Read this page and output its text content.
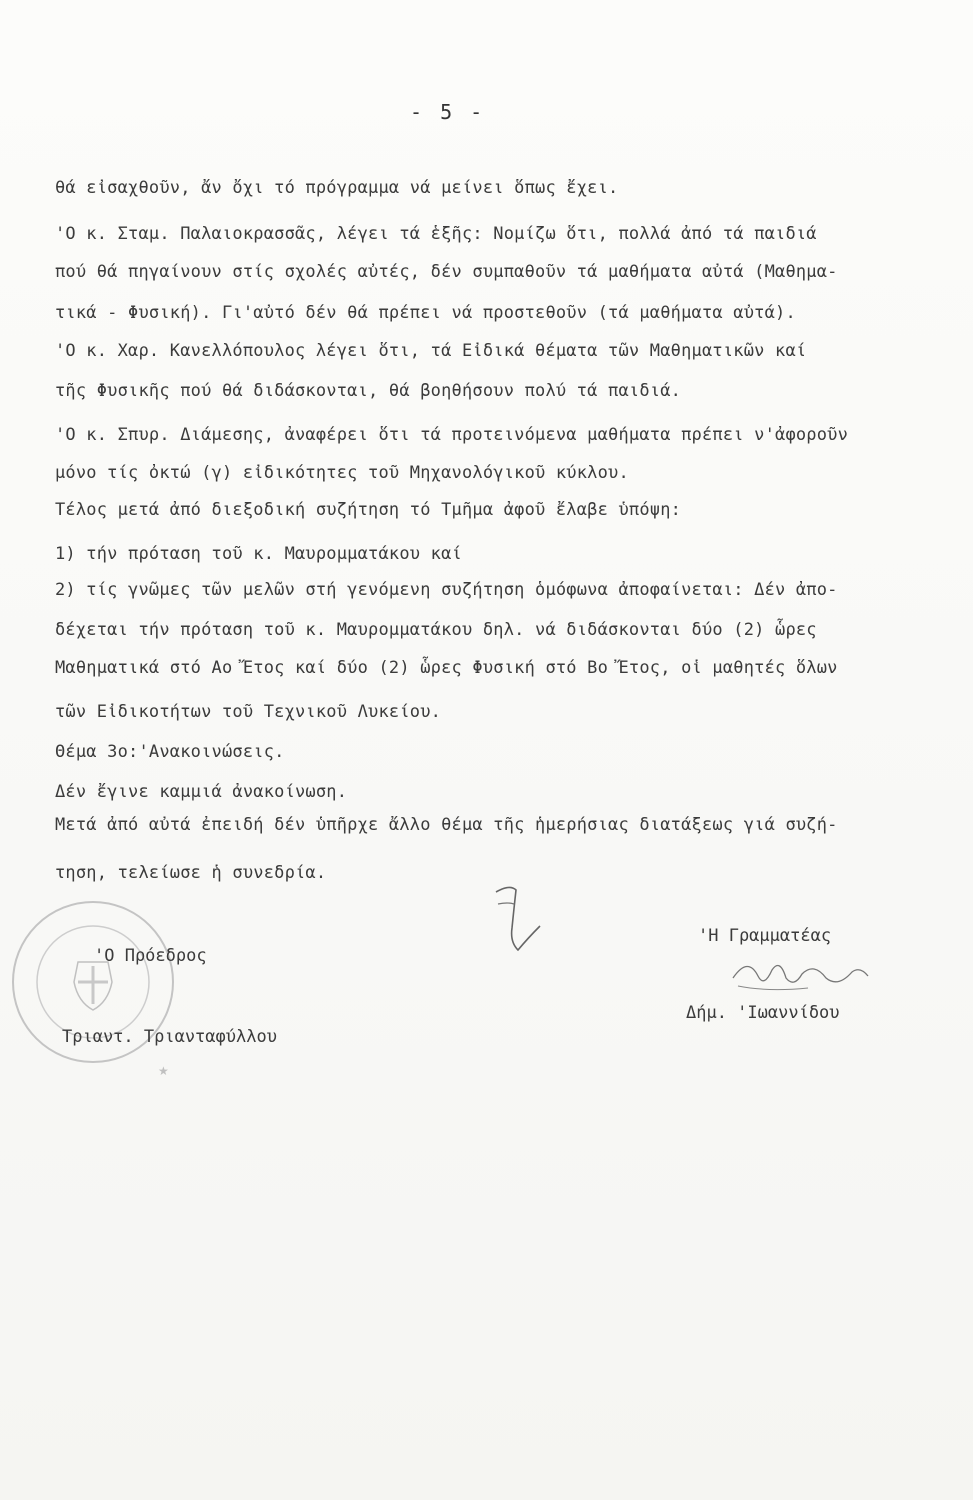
- 5 -
θά εἰσαχθοῦν, ἄν ὄχι τό πρόγραμμα νά μείνει ὅπως ἔχει.
'Ο κ. Σταμ. Παλαιοκρασσᾶς, λέγει τά ἑξῆς: Νομίζω ὅτι, πολλά ἀπό τά παιδιά
πού θά πηγαίνουν στίς σχολές αὐτές, δέν συμπαθοῦν τά μαθήματα αὐτά (Μαθημα-
τικά - Φυσική). Γι'αὐτό δέν θά πρέπει νά προστεθοῦν (τά μαθήματα αὐτά).
'Ο κ. Χαρ. Κανελλόπουλος λέγει ὅτι, τά Εἰδικά θέματα τῶν Μαθηματικῶν καί
τῆς Φυσικῆς πού θά διδάσκονται, θά βοηθήσουν πολύ τά παιδιά.
'Ο κ. Σπυρ. Διάμεσης, ἀναφέρει ὅτι τά προτεινόμενα μαθήματα πρέπει ν'ἀφοροῦν
μόνο τίς ὀκτώ (γ) εἰδικότητες τοῦ Μηχανολόγικοῦ κύκλου.
Τέλος μετά ἀπό διεξοδική συζήτηση τό Τμῆμα ἀφοῦ ἔλαβε ὑπόψη:
1) τήν πρόταση τοῦ κ. Μαυρομματάκου καί
2) τίς γνῶμες τῶν μελῶν στή γενόμενη συζήτηση ὁμόφωνα ἀποφαίνεται: Δέν ἀπο-
δέχεται τήν πρόταση τοῦ κ. Μαυρομματάκου δηλ. νά διδάσκονται δύο (2) ὧρες
Μαθηματικά στό Αο Ἔτος καί δύο (2) ὧρες Φυσική στό Βο Ἔτος, οἱ μαθητές ὅλων
τῶν Εἰδικοτήτων τοῦ Τεχνικοῦ Λυκείου.
Θέμα 3ο:'Ανακοινώσεις.
Δέν ἔγινε καμμιά ἀνακοίνωση.
Μετά ἀπό αὐτά ἐπειδή δέν ὑπῆρχε ἄλλο θέμα τῆς ἡμερήσιας διατάξεως γιά συζή-
τηση, τελείωσε ἡ συνεδρία.
★
'Ο Πρόεδρος
Τριαντ. Τριανταφύλλου
'Η Γραμματέας
Δήμ. 'Ιωαννίδου
